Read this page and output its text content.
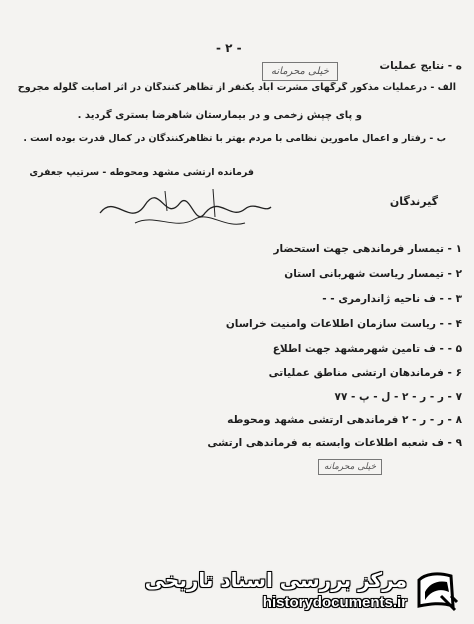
- ۲ -
خیلی محرمانه	ه - نتایج عملیات
الف - درعملیات مذکور گرگهای مشرت آباد یکنفر از تظاهر کنندگان در اثر اصابت گلوله مجروح
و پای چپش زخمی و در بیمارستان شاهرضا بستری گردید .
ب - رفتار و اعمال مامورین نظامی با مردم بهتر با تظاهرکنندگان در کمال قدرت بوده است .
فرمانده ارتشی مشهد ومحوطه - سرتیپ جعفری
گیرندگان
۱ - تیمسار فرماندهی جهت استحضار
۲ - تیمسار ریاست شهربانی استان
۳ - - ف ناحیه ژاندارمری - -
۴ - - ریاست سازمان اطلاعات وامنیت خراسان
۵ - - ف تامین شهرمشهد جهت اطلاع
۶ - فرماندهان ارتشی مناطق عملیاتی
۷ - ر - ر - ۲ - ل - پ - ۷۷
۸ - ر - ر - ۲ فرماندهی ارتشی مشهد ومحوطه
۹ - ف شعبه اطلاعات وابسته به فرماندهی ارتشی
خیلی محرمانه
مرکز بررسی اسناد تاریخی
historydocuments.ir
